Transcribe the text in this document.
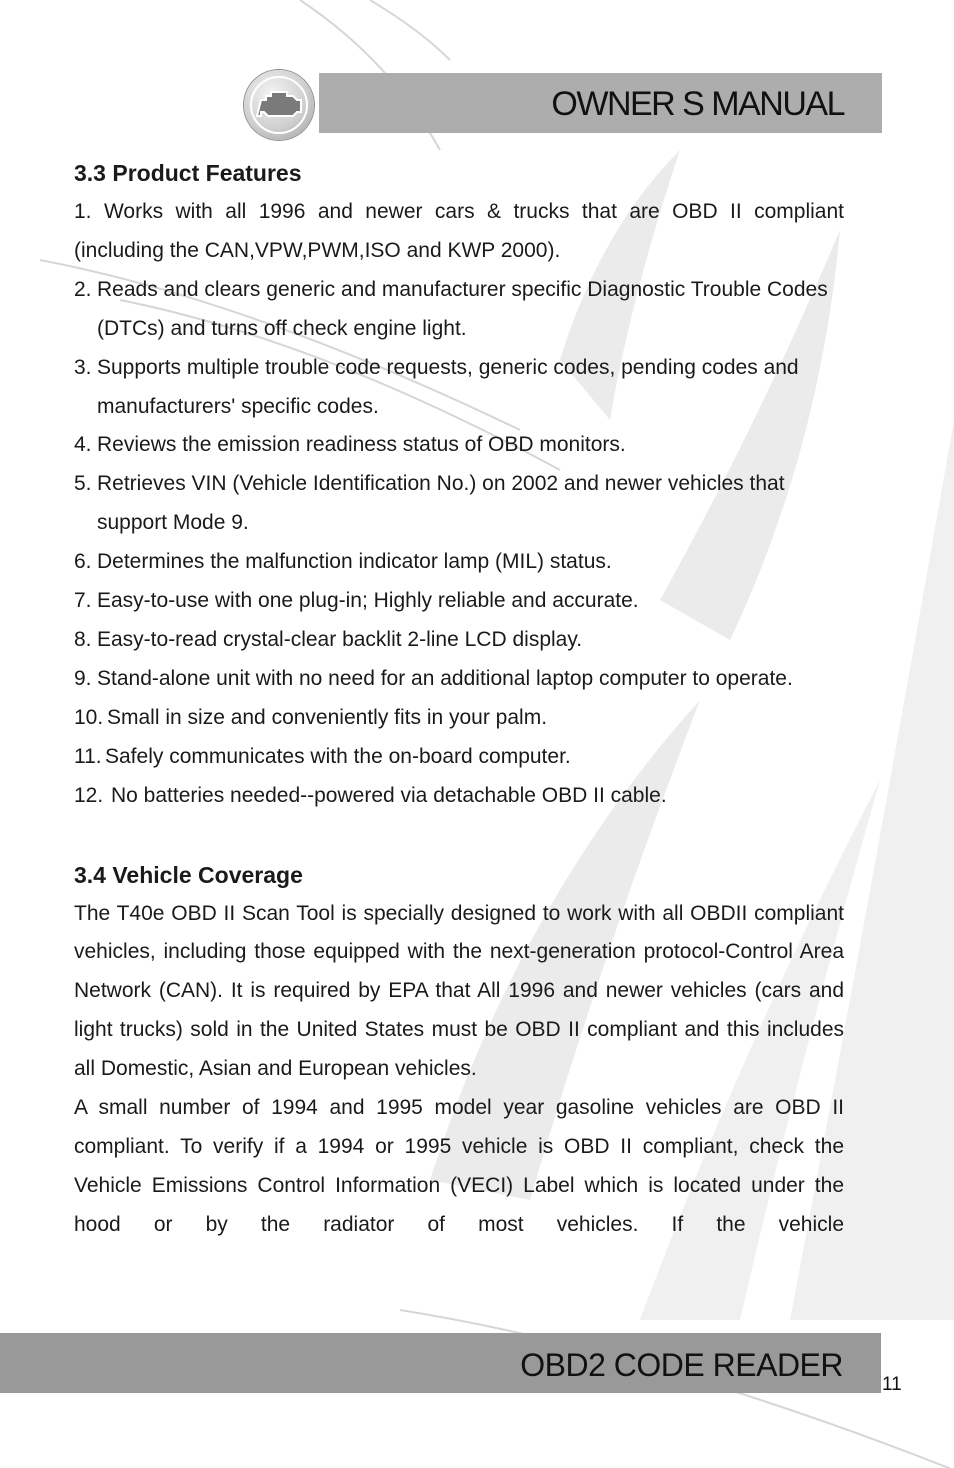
OWNER S MANUAL
3.3 Product Features
1. Works with all 1996 and newer cars & trucks that are OBD II compliant (including the CAN,VPW,PWM,ISO and KWP 2000).
2. Reads and clears generic and manufacturer specific Diagnostic Trouble Codes (DTCs) and turns off check engine light.
3. Supports multiple trouble code requests, generic codes, pending codes and manufacturers' specific codes.
4. Reviews the emission readiness status of OBD monitors.
5. Retrieves VIN (Vehicle Identification No.) on 2002 and newer vehicles that support Mode 9.
6. Determines the malfunction indicator lamp (MIL) status.
7. Easy-to-use with one plug-in; Highly reliable and accurate.
8. Easy-to-read crystal-clear backlit 2-line LCD display.
9. Stand-alone unit with no need for an additional laptop computer to operate.
10. Small in size and conveniently fits in your palm.
11. Safely communicates with the on-board computer.
12. No batteries needed--powered via detachable OBD II cable.
3.4 Vehicle Coverage

The T40e OBD II Scan Tool is specially designed to work with all OBDII compliant vehicles, including those equipped with the next-generation protocol-Control Area Network (CAN). It is required by EPA that All 1996 and newer vehicles (cars and light trucks) sold in the United States must be OBD II compliant and this includes all Domestic, Asian and European vehicles.

A small number of 1994 and 1995 model year gasoline vehicles are OBD II compliant. To verify if a 1994 or 1995 vehicle is OBD II compliant, check the Vehicle Emissions Control Information (VECI) Label which is located under the hood or by the radiator of most vehicles. If the vehicle

OBD2 CODE READER
11
